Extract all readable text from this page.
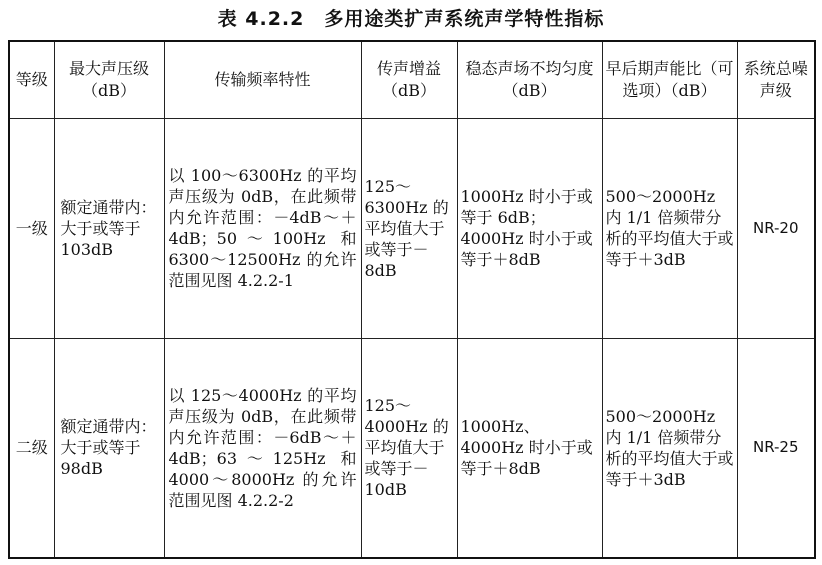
表 4.2.2　多用途类扩声系统声学特性指标
等级	最大声压级（dB）	传输频率特性	传声增益（dB）	稳态声场不均匀度（dB）	早后期声能比（可选项）（dB）	系统总噪声级
一级	额定通带内：大于或等于 103dB	以 100～6300Hz 的平均声压级为 0dB，在此频带内允许范围：－4dB～＋4dB；50～100Hz 和 6300～12500Hz 的允许范围见图 4.2.2-1	125～6300Hz 的平均值大于或等于－8dB	1000Hz 时小于或等于 6dB；4000Hz 时小于或等于＋8dB	500～2000Hz 内 1/1 倍频带分析的平均值大于或等于＋3dB	NR-20
二级	额定通带内：大于或等于 98dB	以 125～4000Hz 的平均声压级为 0dB，在此频带内允许范围：－6dB～＋4dB；63～125Hz 和 4000～8000Hz 的允许范围见图 4.2.2-2	125～4000Hz 的平均值大于或等于－10dB	1000Hz、4000Hz 时小于或等于＋8dB	500～2000Hz 内 1/1 倍频带分析的平均值大于或等于＋3dB	NR-25
